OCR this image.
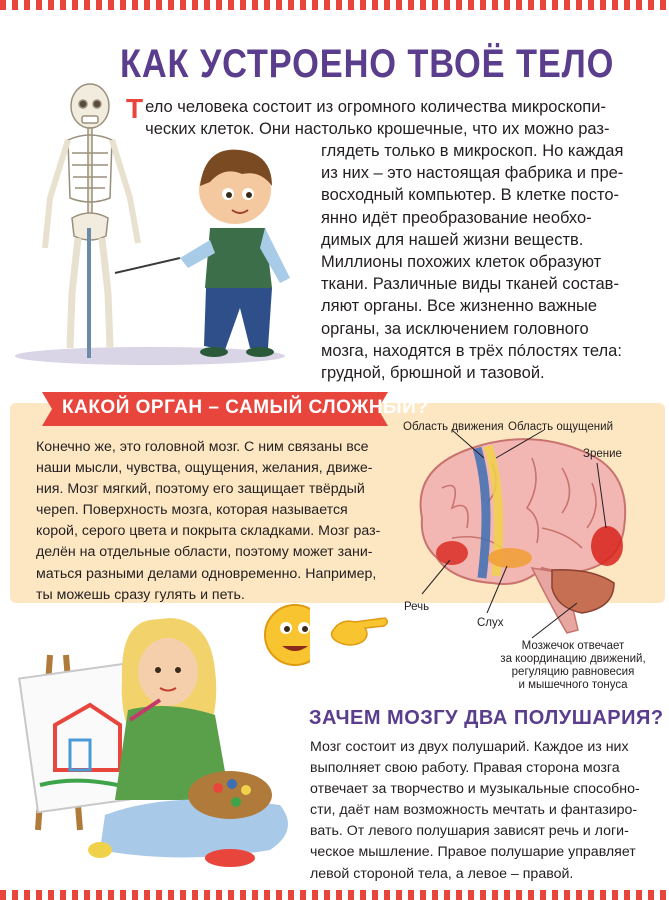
КАК УСТРОЕНО ТВОЁ ТЕЛО
Т ело человека состоит из огромного количества микроскопи-
ческих клеток. Они настолько крошечные, что их можно раз-
глядеть только в микроскоп. Но каждая
из них – это настоящая фабрика и пре-
восходный компьютер. В клетке посто-
янно идёт преобразование необхо-
димых для нашей жизни веществ.
Миллионы похожих клеток образуют
ткани. Различные виды тканей состав-
ляют органы. Все жизненно важные
органы, за исключением головного
мозга, находятся в трёх пóлостях тела:
грудной, брюшной и тазовой.
КАКОЙ ОРГАН – САМЫЙ СЛОЖНЫЙ?
Конечно же, это головной мозг. С ним связаны все
наши мысли, чувства, ощущения, желания, движе-
ния. Мозг мягкий, поэтому его защищает твёрдый
череп. Поверхность мозга, которая называется
корой, серого цвета и покрыта складками. Мозг раз-
делён на отдельные области, поэтому может зани-
маться разными делами одновременно. Например,
ты можешь сразу гулять и петь.
Область движения Область ощущений
Зрение
Речь
Слух
Мозжечок отвечает
за координацию движений,
регуляцию равновесия
и мышечного тонуса
ЗАЧЕМ МОЗГУ ДВА ПОЛУШАРИЯ?
Мозг состоит из двух полушарий. Каждое из них
выполняет свою работу. Правая сторона мозга
отвечает за творчество и музыкальные способно-
сти, даёт нам возможность мечтать и фантазиро-
вать. От левого полушария зависят речь и логи-
ческое мышление. Правое полушарие управляет
левой стороной тела, а левое – правой.
